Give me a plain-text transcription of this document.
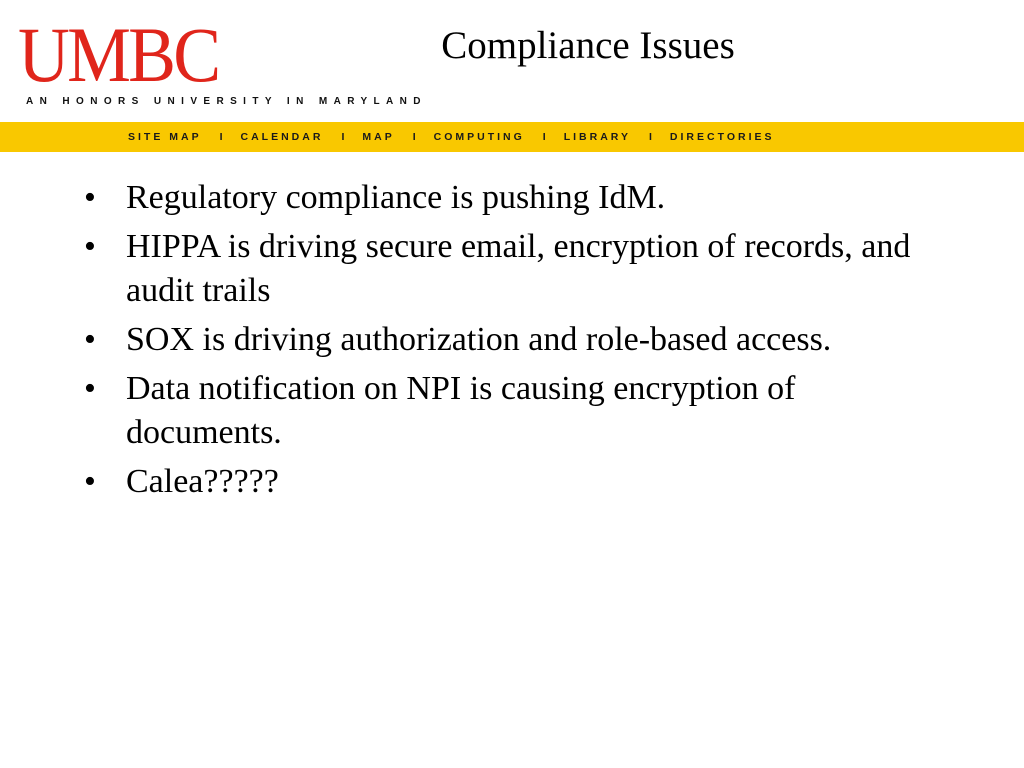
UMBC
AN HONORS UNIVERSITY IN MARYLAND
SITE MAP I CALENDAR I MAP I COMPUTING I LIBRARY I DIRECTORIES
Compliance Issues
• Regulatory compliance is pushing IdM.
• HIPPA is driving secure email, encryption of records, and audit trails
• SOX is driving authorization and role-based access.
• Data notification on NPI is causing encryption of documents.
• Calea?????
